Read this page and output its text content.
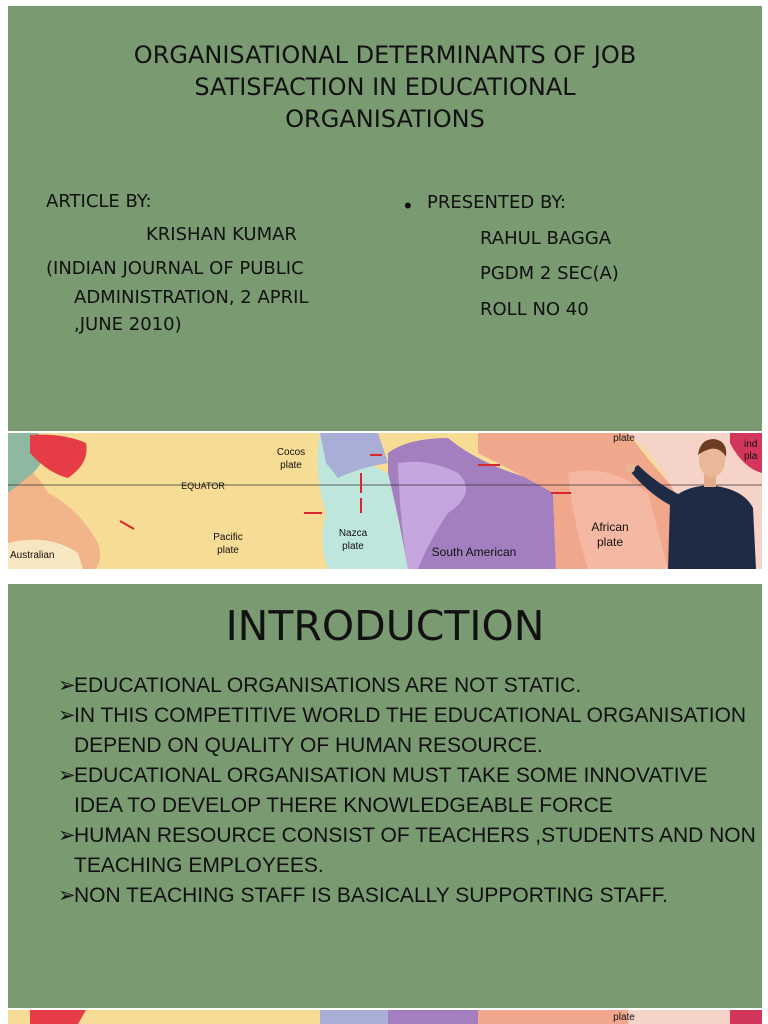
ORGANISATIONAL DETERMINANTS OF JOB
SATISFACTION IN EDUCATIONAL
ORGANISATIONS
ARTICLE BY:
KRISHAN KUMAR
(INDIAN JOURNAL OF PUBLIC
ADMINISTRATION, 2 APRIL
,JUNE 2010)
• PRESENTED BY:
RAHUL BAGGA
PGDM 2 SEC(A)
ROLL NO 40
Cocos
plate
EQUATOR
Pacific
plate
Nazca
plate	South American
African
plate
Australian
plate
ind
pla
INTRODUCTION
➢
EDUCATIONAL ORGANISATIONS ARE NOT STATIC.
➢
IN THIS COMPETITIVE WORLD THE EDUCATIONAL ORGANISATION DEPEND ON QUALITY OF HUMAN RESOURCE.
➢
EDUCATIONAL ORGANISATION MUST TAKE SOME INNOVATIVE IDEA TO DEVELOP THERE KNOWLEDGEABLE FORCE
➢
HUMAN RESOURCE CONSIST OF TEACHERS ,STUDENTS AND NON TEACHING EMPLOYEES.
➢
NON TEACHING STAFF IS BASICALLY SUPPORTING STAFF.
plate
